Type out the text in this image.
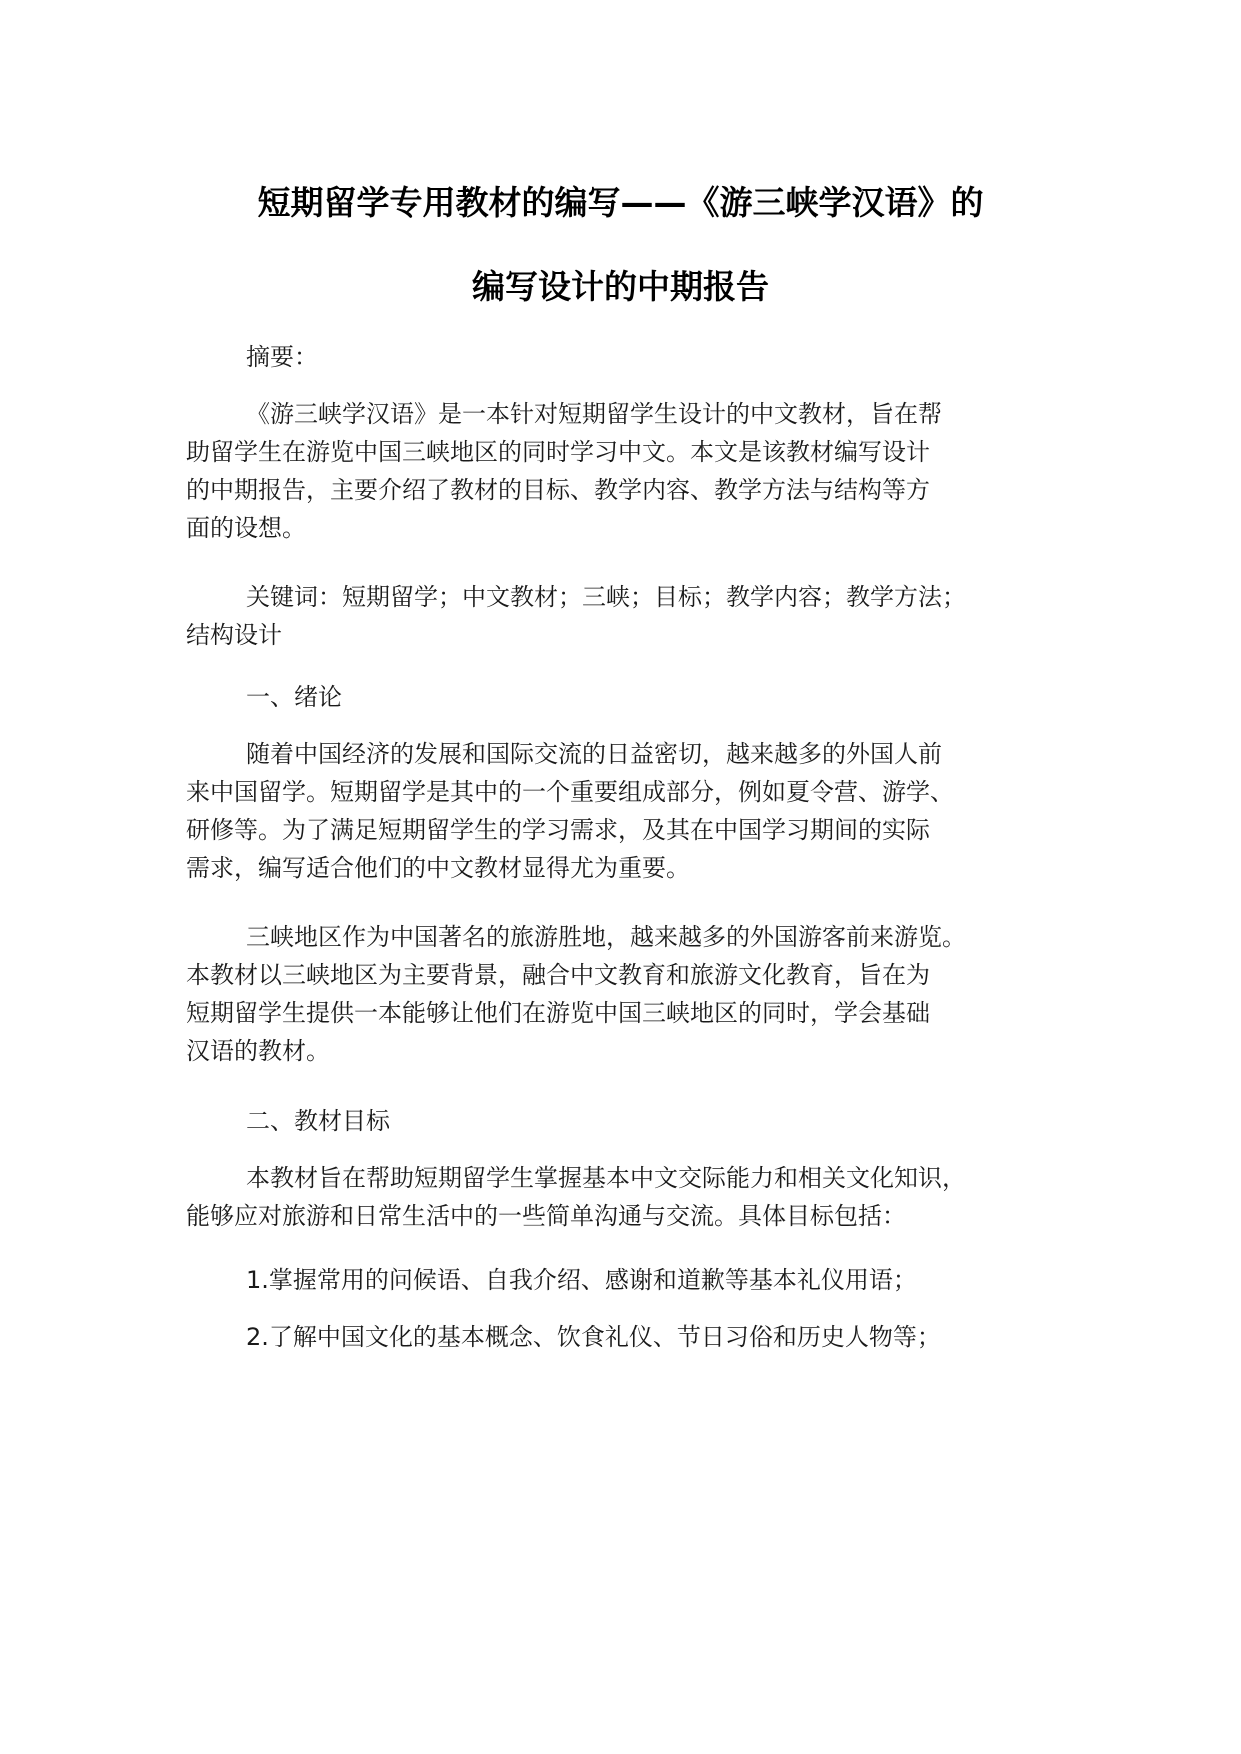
短期留学专用教材的编写——《游三峡学汉语》的
编写设计的中期报告
摘要：
《游三峡学汉语》是一本针对短期留学生设计的中文教材，旨在帮
助留学生在游览中国三峡地区的同时学习中文。本文是该教材编写设计
的中期报告，主要介绍了教材的目标、教学内容、教学方法与结构等方
面的设想。
关键词：短期留学；中文教材；三峡；目标；教学内容；教学方法；
结构设计
一、绪论
随着中国经济的发展和国际交流的日益密切，越来越多的外国人前
来中国留学。短期留学是其中的一个重要组成部分，例如夏令营、游学、
研修等。为了满足短期留学生的学习需求，及其在中国学习期间的实际
需求，编写适合他们的中文教材显得尤为重要。
三峡地区作为中国著名的旅游胜地，越来越多的外国游客前来游览。
本教材以三峡地区为主要背景，融合中文教育和旅游文化教育，旨在为
短期留学生提供一本能够让他们在游览中国三峡地区的同时，学会基础
汉语的教材。
二、教材目标
本教材旨在帮助短期留学生掌握基本中文交际能力和相关文化知识，
能够应对旅游和日常生活中的一些简单沟通与交流。具体目标包括：
1.掌握常用的问候语、自我介绍、感谢和道歉等基本礼仪用语；
2.了解中国文化的基本概念、饮食礼仪、节日习俗和历史人物等；
